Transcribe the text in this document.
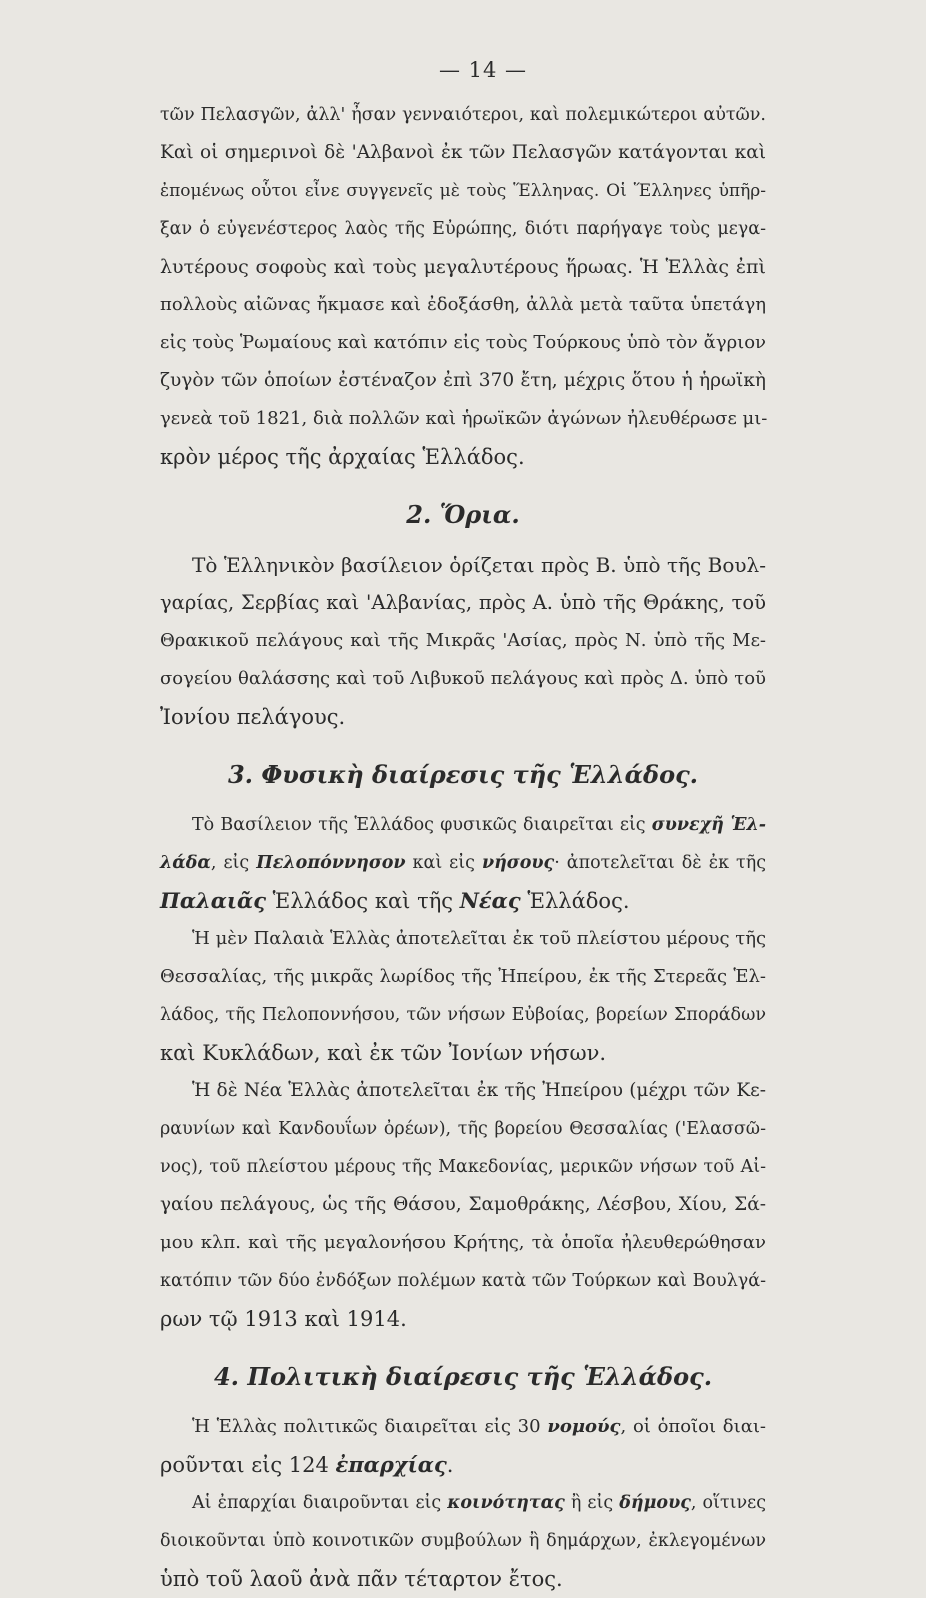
— 14 —
τῶν Πελασγῶν, ἀλλ' ἦσαν γενναιότεροι, καὶ πολεμικώτεροι αὐτῶν.
Καὶ οἱ σημερινοὶ δὲ 'Αλβανοὶ ἐκ τῶν Πελασγῶν κατάγονται καὶ
ἐπομένως οὗτοι εἶνε συγγενεῖς μὲ τοὺς Ἕλληνας. Οἱ Ἕλληνες ὑπῆρ-
ξαν ὁ εὐγενέστερος λαὸς τῆς Εὐρώπης, διότι παρήγαγε τοὺς μεγα-
λυτέρους σοφοὺς καὶ τοὺς μεγαλυτέρους ἥρωας. Ἡ Ἑλλὰς ἐπὶ
πολλοὺς αἰῶνας ἤκμασε καὶ ἐδοξάσθη, ἀλλὰ μετὰ ταῦτα ὑπετάγη
εἰς τοὺς Ῥωμαίους καὶ κατόπιν εἰς τοὺς Τούρκους ὑπὸ τὸν ἄγριον
ζυγὸν τῶν ὁποίων ἐστέναζον ἐπὶ 370 ἔτη, μέχρις ὅτου ἡ ἡρωϊκὴ
γενεὰ τοῦ 1821, διὰ πολλῶν καὶ ἡρωϊκῶν ἀγώνων ἠλευθέρωσε μι-
κρὸν μέρος τῆς ἀρχαίας Ἑλλάδος.
2. Ὅρια.
Τὸ Ἑλληνικὸν βασίλειον ὁρίζεται πρὸς Β. ὑπὸ τῆς Βουλ-
γαρίας, Σερβίας καὶ 'Αλβανίας, πρὸς Α. ὑπὸ τῆς Θράκης, τοῦ
Θρακικοῦ πελάγους καὶ τῆς Μικρᾶς 'Ασίας, πρὸς Ν. ὑπὸ τῆς Με-
σογείου θαλάσσης καὶ τοῦ Λιβυκοῦ πελάγους καὶ πρὸς Δ. ὑπὸ τοῦ
Ἰονίου πελάγους.
3. Φυσικὴ διαίρεσις τῆς Ἑλλάδος.
Τὸ Βασίλειον τῆς Ἑλλάδος φυσικῶς διαιρεῖται εἰς συνεχῆ Ἑλ-
λάδα, εἰς Πελοπόννησον καὶ εἰς νήσους· ἀποτελεῖται δὲ ἐκ τῆς
Παλαιᾶς Ἑλλάδος καὶ τῆς Νέας Ἑλλάδος.
Ἡ μὲν Παλαιὰ Ἑλλὰς ἀποτελεῖται ἐκ τοῦ πλείστου μέρους τῆς
Θεσσαλίας, τῆς μικρᾶς λωρίδος τῆς Ἠπείρου, ἐκ τῆς Στερεᾶς Ἑλ-
λάδος, τῆς Πελοποννήσου, τῶν νήσων Εὐβοίας, βορείων Σποράδων
καὶ Κυκλάδων, καὶ ἐκ τῶν Ἰονίων νήσων.
Ἡ δὲ Νέα Ἑλλὰς ἀποτελεῖται ἐκ τῆς Ἠπείρου (μέχρι τῶν Κε-
ραυνίων καὶ Κανδουΐων ὀρέων), τῆς βορείου Θεσσαλίας ('Ελασσῶ-
νος), τοῦ πλείστου μέρους τῆς Μακεδονίας, μερικῶν νήσων τοῦ Αἰ-
γαίου πελάγους, ὡς τῆς Θάσου, Σαμοθράκης, Λέσβου, Χίου, Σά-
μου κλπ. καὶ τῆς μεγαλονήσου Κρήτης, τὰ ὁποῖα ἠλευθερώθησαν
κατόπιν τῶν δύο ἐνδόξων πολέμων κατὰ τῶν Τούρκων καὶ Βουλγά-
ρων τῷ 1913 καὶ 1914.
4. Πολιτικὴ διαίρεσις τῆς Ἑλλάδος.
Ἡ Ἑλλὰς πολιτικῶς διαιρεῖται εἰς 30 νομούς, οἱ ὁποῖοι διαι-
ροῦνται εἰς 124 ἐπαρχίας.
Αἱ ἐπαρχίαι διαιροῦνται εἰς κοινότητας ἢ εἰς δήμους, οἵτινες
διοικοῦνται ὑπὸ κοινοτικῶν συμβούλων ἢ δημάρχων, ἐκλεγομένων
ὑπὸ τοῦ λαοῦ ἀνὰ πᾶν τέταρτον ἔτος.
